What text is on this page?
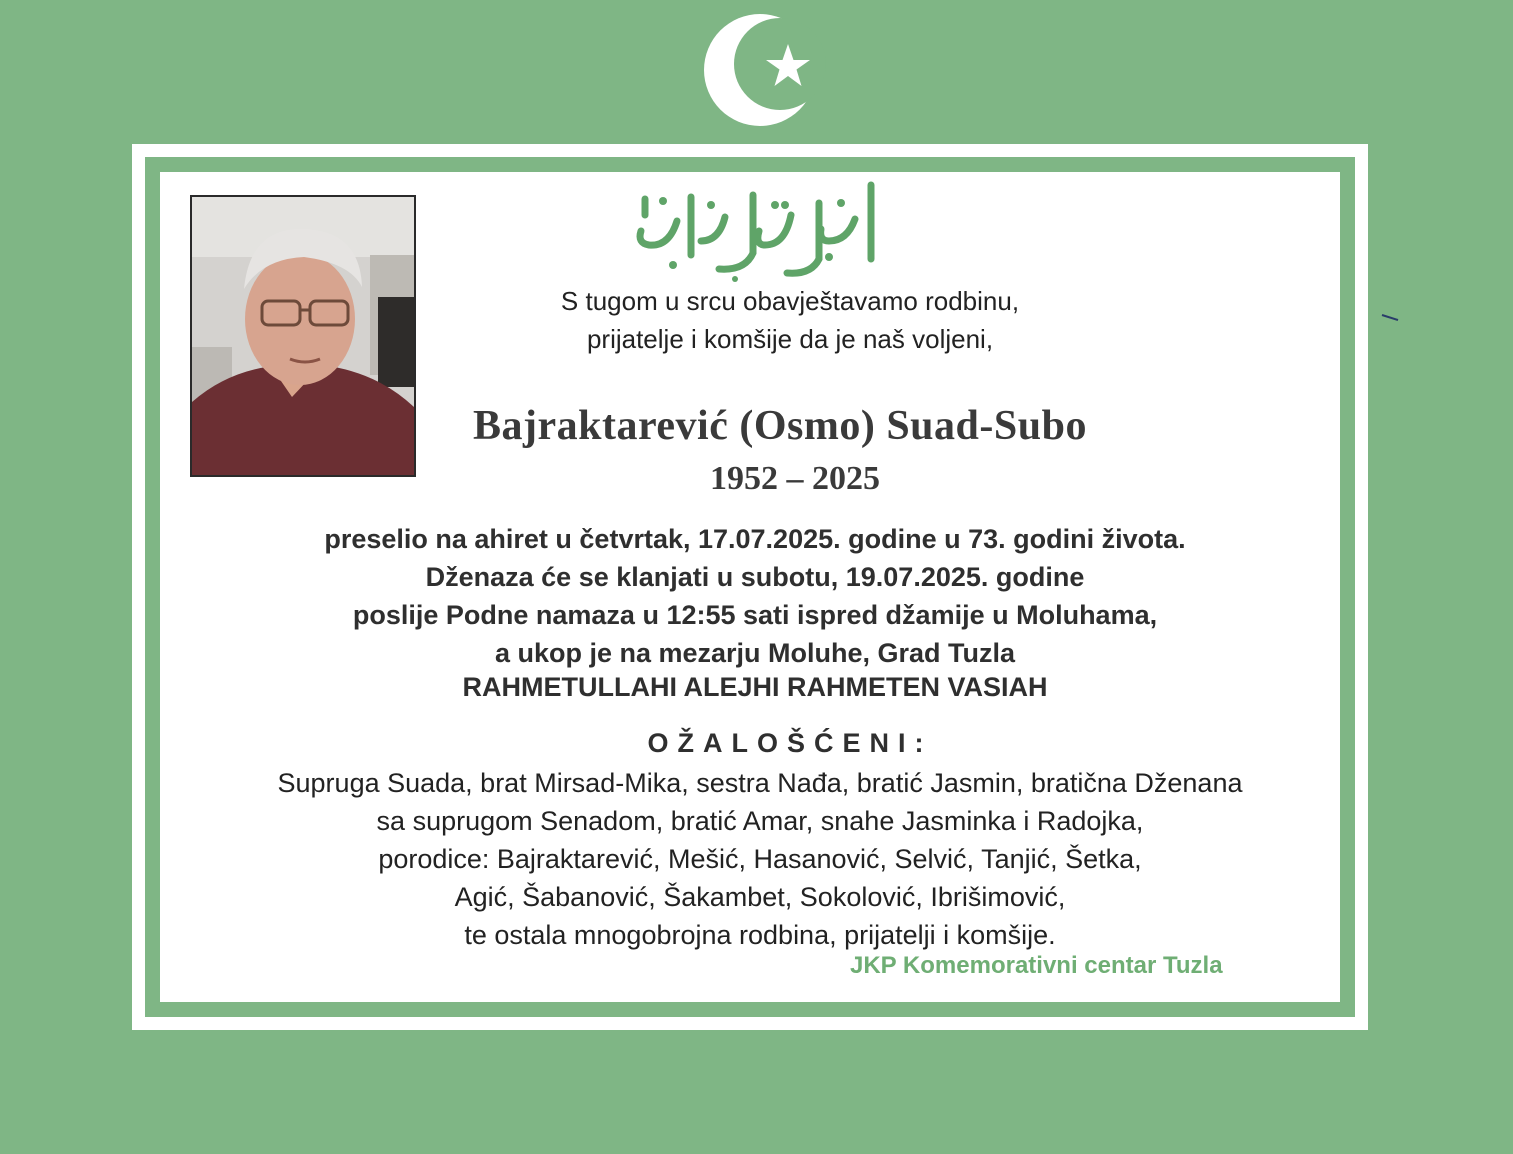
S tugom u srcu obavještavamo rodbinu,
prijatelje i komšije da je naš voljeni,
Bajraktarević (Osmo) Suad-Subo
1952 – 2025
preselio na ahiret u četvrtak, 17.07.2025. godine u 73. godini života.
Dženaza će se klanjati u subotu, 19.07.2025. godine
poslije Podne namaza u 12:55 sati ispred džamije u Moluhama,
a ukop je na mezarju Moluhe, Grad Tuzla
RAHMETULLAHI ALEJHI RAHMETEN VASIAH
OŽALOŠĆENI:
Supruga Suada, brat Mirsad-Mika, sestra Nađa, bratić Jasmin, bratična Dženana
sa suprugom Senadom, bratić Amar, snahe Jasminka i Radojka,
porodice: Bajraktarević, Mešić, Hasanović, Selvić, Tanjić, Šetka,
Agić, Šabanović, Šakambet, Sokolović, Ibrišimović,
te ostala mnogobrojna rodbina, prijatelji i komšije.
JKP Komemorativni centar Tuzla
